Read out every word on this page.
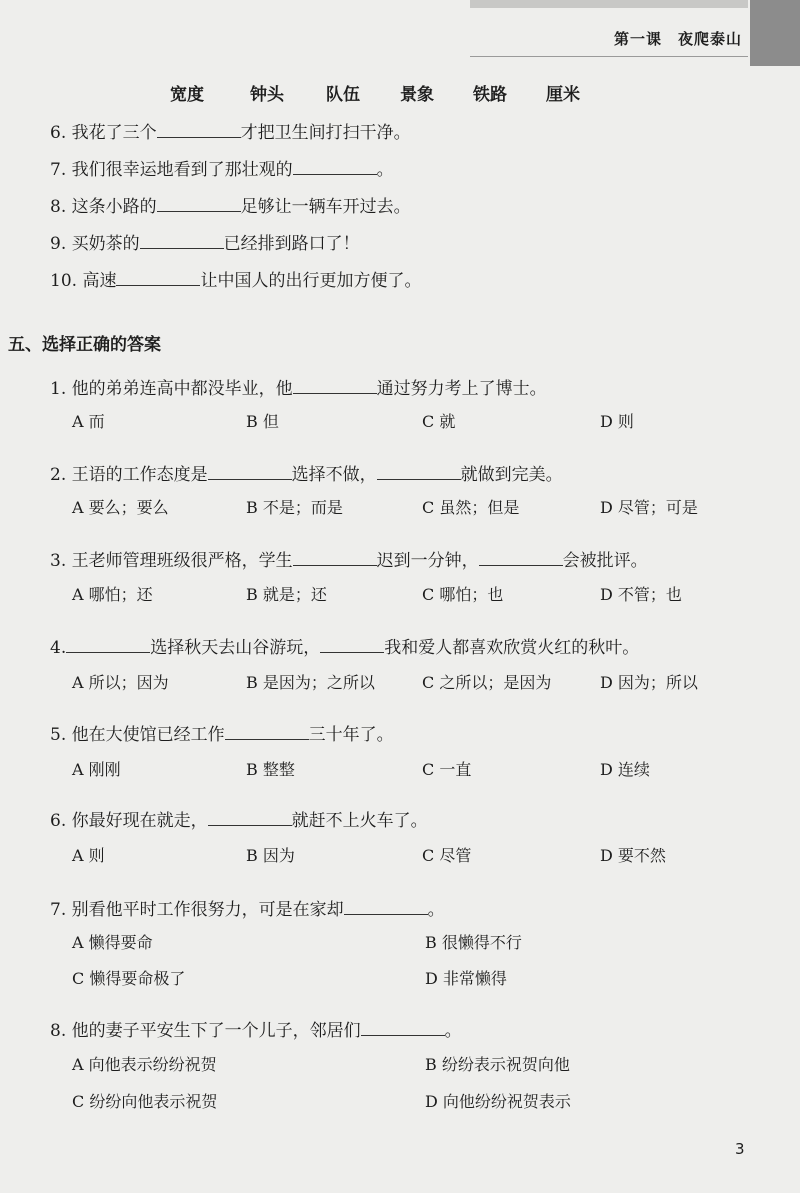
第一课　夜爬泰山
宽度	钟头 队伍 景象 铁路 厘米
6. 我花了三个	才把卫生间打扫干净。
7. 我们很幸运地看到了那壮观的	。
8. 这条小路的	足够让一辆车开过去。
9. 买奶茶的	已经排到路口了！
10. 高速	让中国人的出行更加方便了。
五、选择正确的答案
1. 他的弟弟连高中都没毕业，他	通过努力考上了博士。
A 而	B 但	C 就	D 则
2. 王语的工作态度是	选择不做，	就做到完美。
A 要么；要么	B 不是；而是	C 虽然；但是	D 尽管；可是
3. 王老师管理班级很严格，学生	迟到一分钟，	会被批评。
A 哪怕；还	B 就是；还	C 哪怕；也	D 不管；也
4.	选择秋天去山谷游玩，	我和爱人都喜欢欣赏火红的秋叶。
A 所以；因为	B 是因为；之所以	C 之所以；是因为	D 因为；所以
5. 他在大使馆已经工作	三十年了。
A 刚刚	B 整整	C 一直	D 连续
6. 你最好现在就走，	就赶不上火车了。
A 则	B 因为	C 尽管	D 要不然
7. 别看他平时工作很努力，可是在家却	。
A 懒得要命	B 很懒得不行
C 懒得要命极了	D 非常懒得
8. 他的妻子平安生下了一个儿子，邻居们	。
A 向他表示纷纷祝贺	B 纷纷表示祝贺向他
C 纷纷向他表示祝贺	D 向他纷纷祝贺表示
3
